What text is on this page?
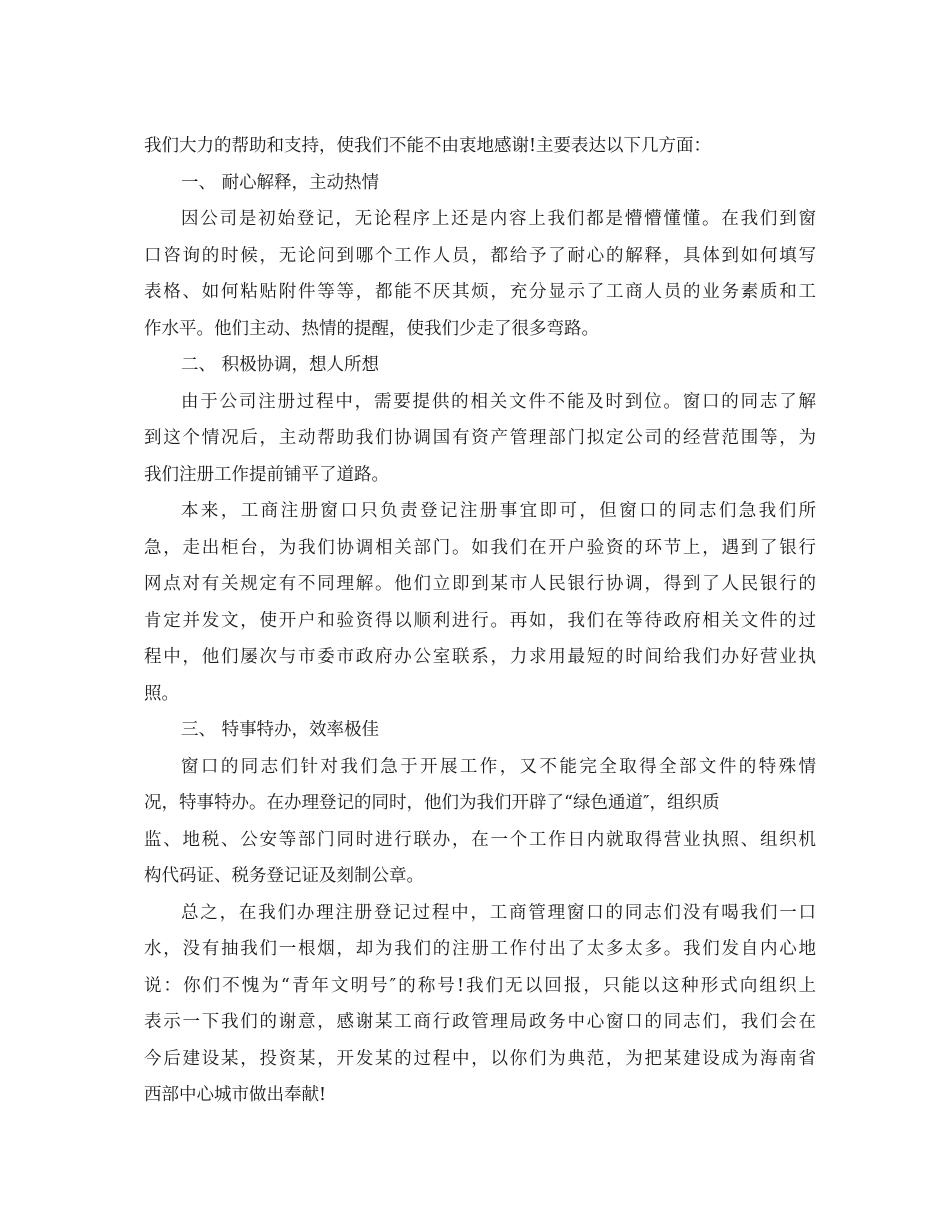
我们大力的帮助和支持，使我们不能不由衷地感谢!主要表达以下几方面：
一、 耐心解释，主动热情
因公司是初始登记，无论程序上还是内容上我们都是懵懵懂懂。在我们到窗
口咨询的时候，无论问到哪个工作人员，都给予了耐心的解释，具体到如何填写
表格、如何粘贴附件等等，都能不厌其烦，充分显示了工商人员的业务素质和工
作水平。他们主动、热情的提醒，使我们少走了很多弯路。
二、 积极协调，想人所想
由于公司注册过程中，需要提供的相关文件不能及时到位。窗口的同志了解
到这个情况后，主动帮助我们协调国有资产管理部门拟定公司的经营范围等，为
我们注册工作提前铺平了道路。
本来，工商注册窗口只负责登记注册事宜即可，但窗口的同志们急我们所
急，走出柜台，为我们协调相关部门。如我们在开户验资的环节上，遇到了银行
网点对有关规定有不同理解。他们立即到某市人民银行协调，得到了人民银行的
肯定并发文，使开户和验资得以顺利进行。再如，我们在等待政府相关文件的过
程中，他们屡次与市委市政府办公室联系，力求用最短的时间给我们办好营业执
照。
三、 特事特办，效率极佳
窗口的同志们针对我们急于开展工作，又不能完全取得全部文件的特殊情
况，特事特办。在办理登记的同时，他们为我们开辟了“绿色通道″，组织质
监、地税、公安等部门同时进行联办，在一个工作日内就取得营业执照、组织机
构代码证、税务登记证及刻制公章。
总之，在我们办理注册登记过程中，工商管理窗口的同志们没有喝我们一口
水，没有抽我们一根烟，却为我们的注册工作付出了太多太多。我们发自内心地
说：你们不愧为“青年文明号″的称号!我们无以回报，只能以这种形式向组织上
表示一下我们的谢意，感谢某工商行政管理局政务中心窗口的同志们，我们会在
今后建设某，投资某，开发某的过程中，以你们为典范，为把某建设成为海南省
西部中心城市做出奉献!
